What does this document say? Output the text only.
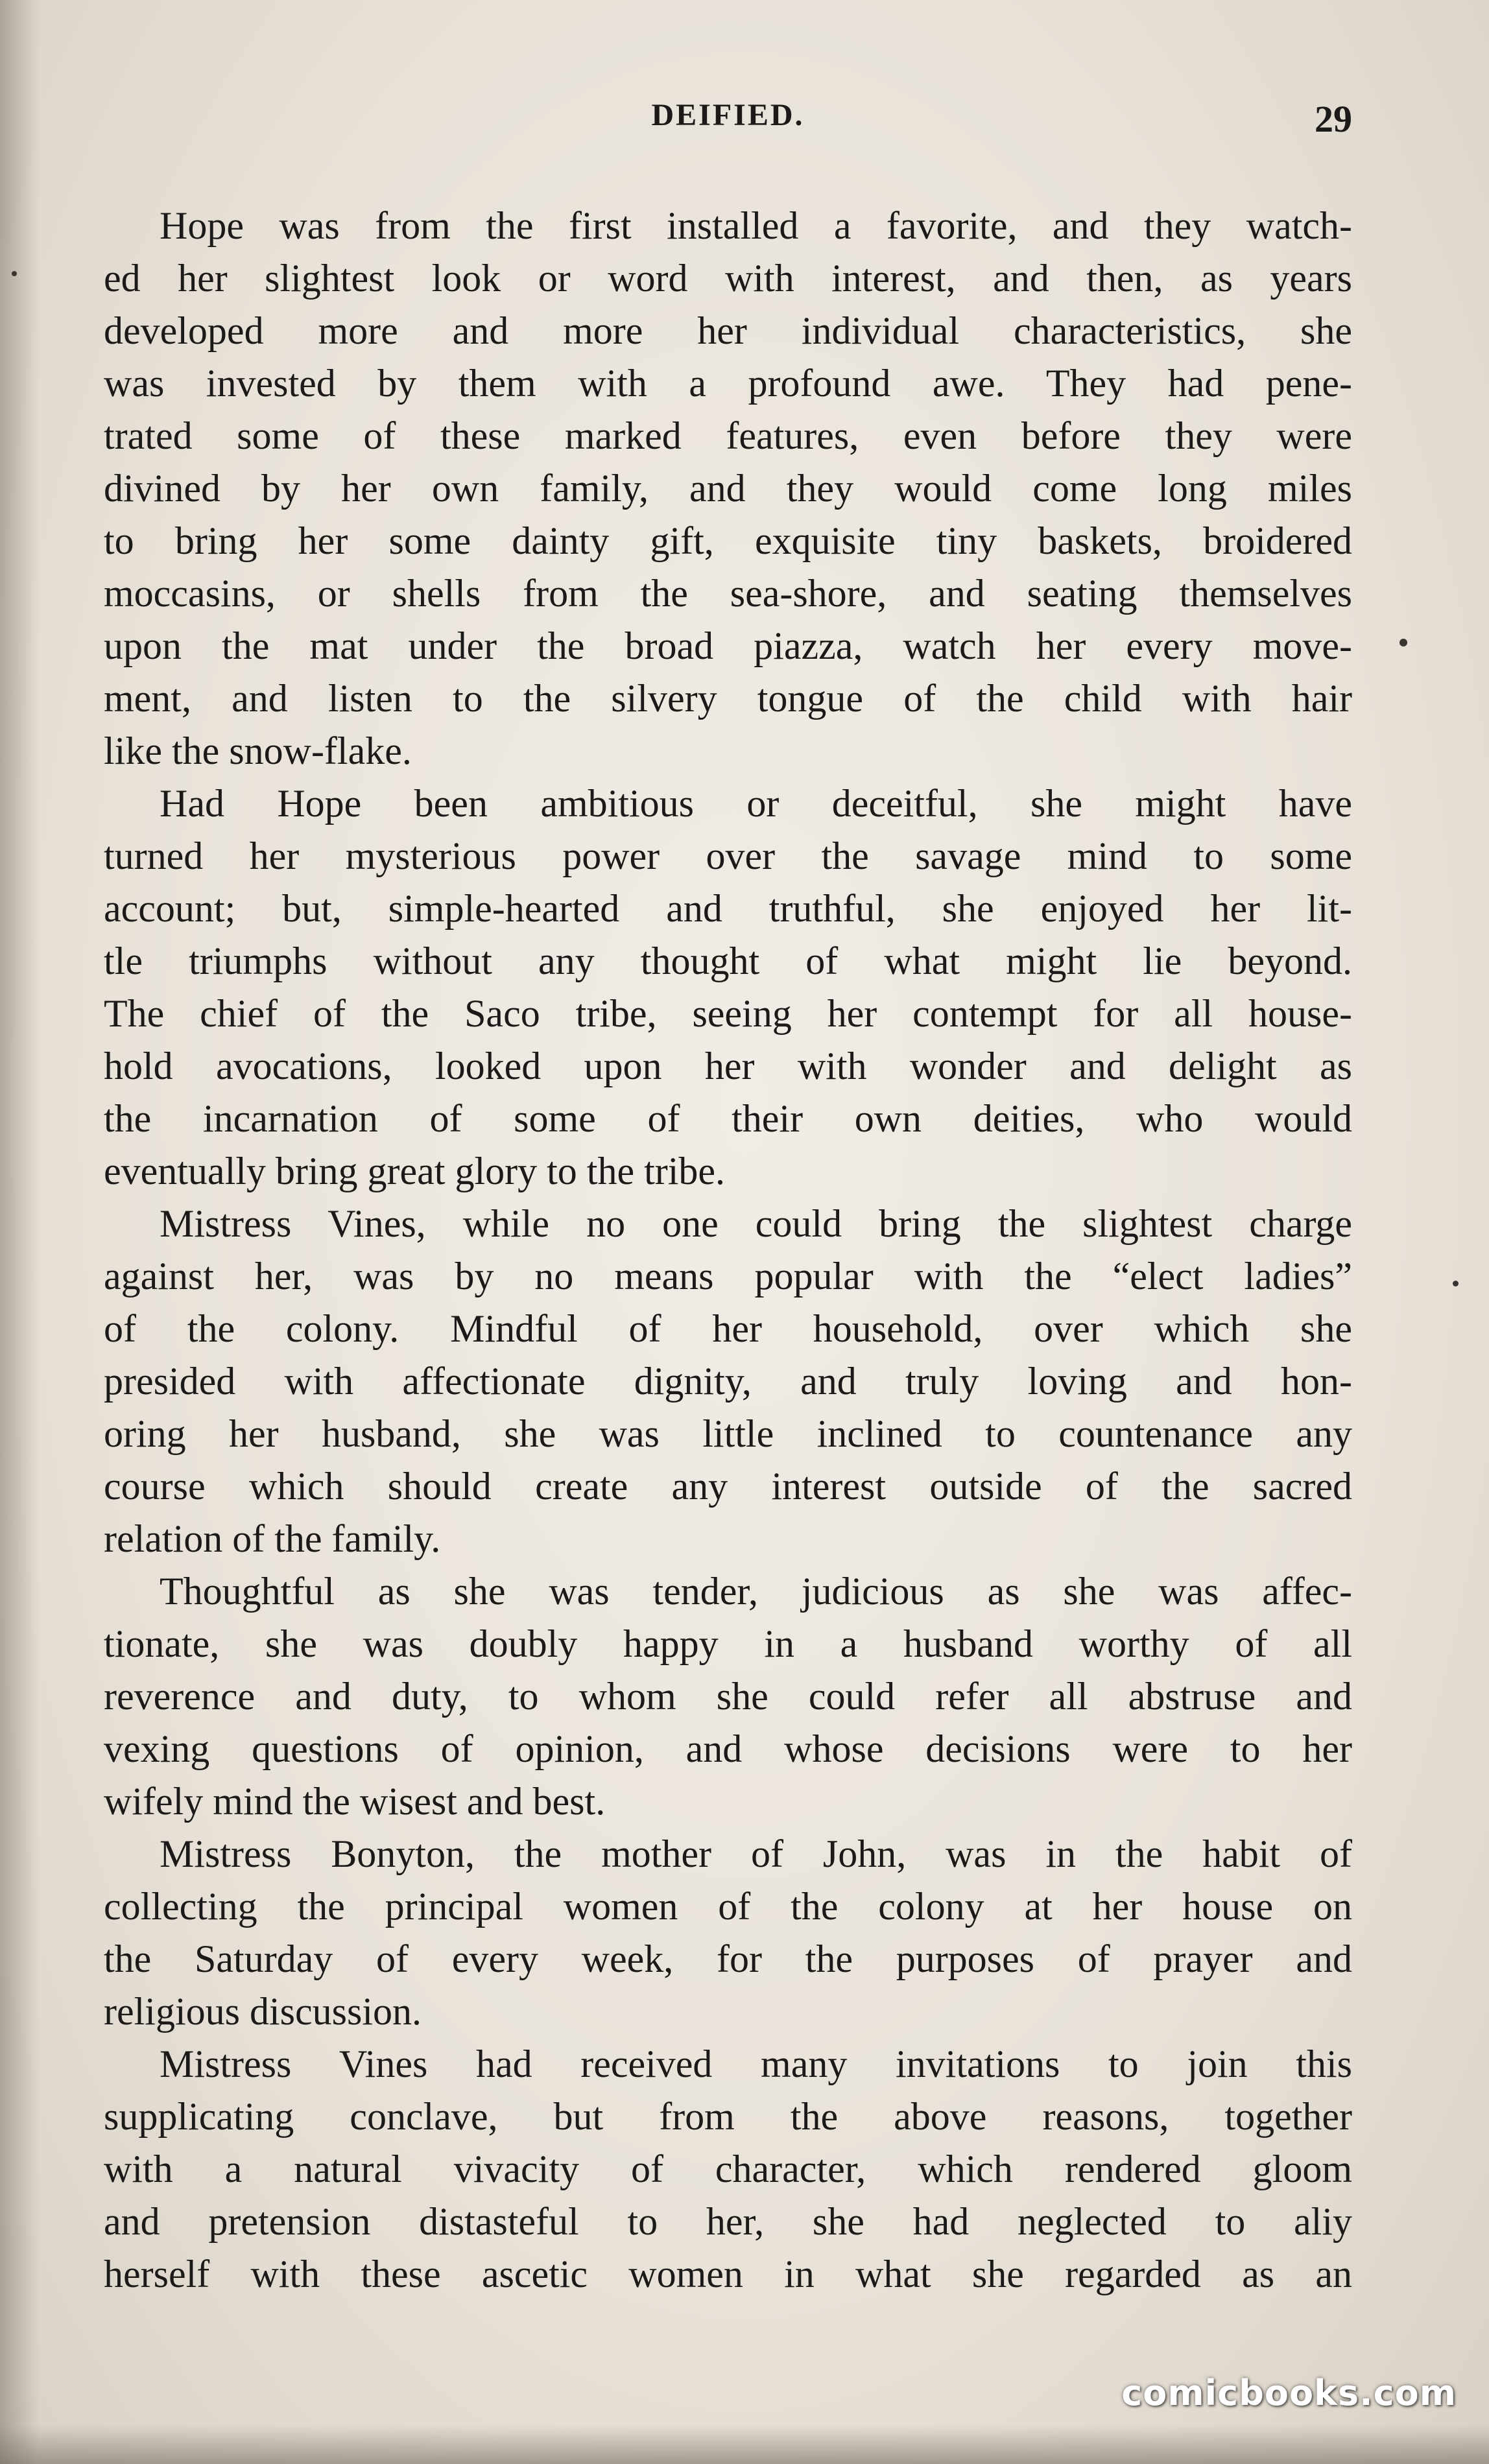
DEIFIED.	29
Hope was from the first installed a favorite, and they watch-
ed her slightest look or word with interest, and then, as years
developed more and more her individual characteristics, she
was invested by them with a profound awe. They had pene-
trated some of these marked features, even before they were
divined by her own family, and they would come long miles
to bring her some dainty gift, exquisite tiny baskets, broidered
moccasins, or shells from the sea-shore, and seating themselves
upon the mat under the broad piazza, watch her every move-
ment, and listen to the silvery tongue of the child with hair
like the snow-flake.
Had Hope been ambitious or deceitful, she might have
turned her mysterious power over the savage mind to some
account; but, simple-hearted and truthful, she enjoyed her lit-
tle triumphs without any thought of what might lie beyond.
The chief of the Saco tribe, seeing her contempt for all house-
hold avocations, looked upon her with wonder and delight as
the incarnation of some of their own deities, who would
eventually bring great glory to the tribe.
Mistress Vines, while no one could bring the slightest charge
against her, was by no means popular with the “elect ladies”
of the colony. Mindful of her household, over which she
presided with affectionate dignity, and truly loving and hon-
oring her husband, she was little inclined to countenance any
course which should create any interest outside of the sacred
relation of the family.
Thoughtful as she was tender, judicious as she was affec-
tionate, she was doubly happy in a husband worthy of all
reverence and duty, to whom she could refer all abstruse and
vexing questions of opinion, and whose decisions were to her
wifely mind the wisest and best.
Mistress Bonyton, the mother of John, was in the habit of
collecting the principal women of the colony at her house on
the Saturday of every week, for the purposes of prayer and
religious discussion.
Mistress Vines had received many invitations to join this
supplicating conclave, but from the above reasons, together
with a natural vivacity of character, which rendered gloom
and pretension distasteful to her, she had neglected to aliy
herself with these ascetic women in what she regarded as an
comicbooks.com
